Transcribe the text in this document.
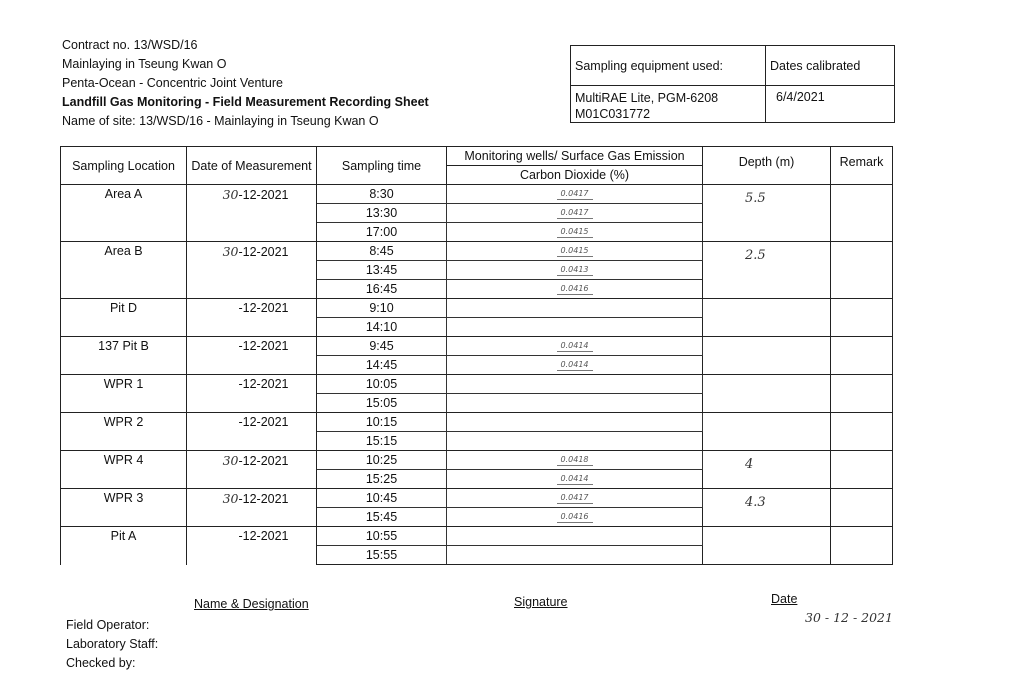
Contract no. 13/WSD/16
Mainlaying in Tseung Kwan O
Penta-Ocean - Concentric Joint Venture
Landfill Gas Monitoring - Field Measurement Recording Sheet
Name of site: 13/WSD/16 - Mainlaying in Tseung Kwan O
Sampling equipment used:	Dates calibrated
MultiRAE Lite, PGM-6208 M01C031772	6/4/2021
Sampling Location	Date of Measurement	Sampling time	Monitoring wells/ Surface Gas Emission	Depth (m)	Remark
			Carbon Dioxide (%)		
Area A	30-12-2021	8:30	0.0417	5.5	

		13:30	0.0417		
		17:00	0.0415		
Area B	30-12-2021	8:45	0.0415	2.5	

		13:45	0.0413		
		16:45	0.0416		
Pit D	-12-2021	9:10			
		14:10			
137 Pit B	-12-2021	9:45	0.0414		
		14:45	0.0414		
WPR 1	-12-2021	10:05			
		15:05			
WPR 2	-12-2021	10:15			
		15:15			
WPR 4	30-12-2021	10:25	0.0418	4	

		15:25	0.0414		
WPR 3	30-12-2021	10:45	0.0417	4.3	

		15:45	0.0416		
Pit A	-12-2021	10:55			
		15:55			
Name & Designation	Signature	Date
30 - 12 - 2021
Field Operator:
Laboratory Staff:
Checked by:
